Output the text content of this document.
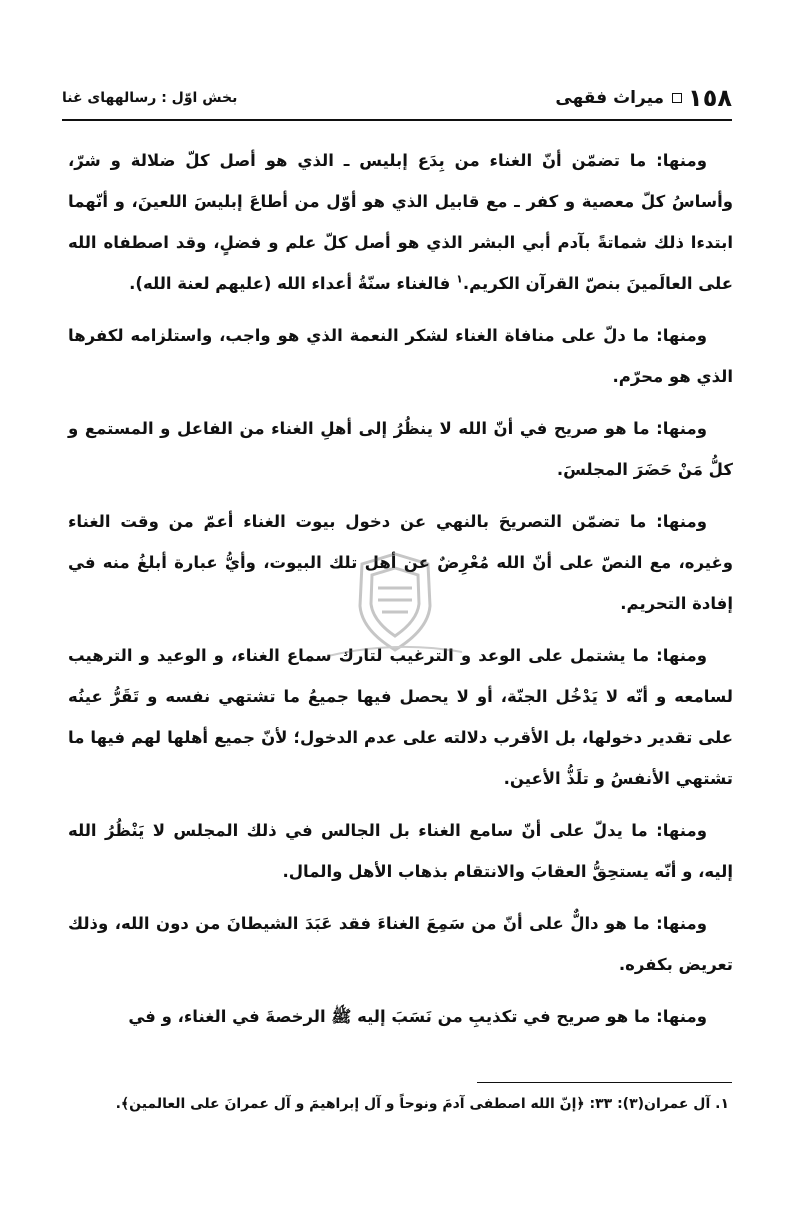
١٥٨
ميراث فقهى
بخش اوّل : رسالههاى غنا

ومنها: ما تضمّن أنّ الغناء من بِدَع إبليس ـ الذي هو أصل كلّ ضلالة و شرّ، وأساسُ كلّ معصية و كفر ـ مع قابيل الذي هو أوّل من أطاعَ إبليسَ اللعينَ، و أنّهما ابتدءا ذلك شماتةً بآدم أبي البشر الذي هو أصل كلّ علم و فضلٍ، وقد اصطفاه الله على العالَمينَ بنصّ القرآن الكريم.$^١$ فالغناء سنّةُ أعداء الله (عليهم لعنة الله).

ومنها: ما دلّ على منافاة الغناء لشكر النعمة الذي هو واجب، واستلزامه لكفرها الذي هو محرّم.

ومنها: ما هو صريح في أنّ الله لا ينظُرُ إلى أهلِ الغناء من الفاعل و المستمع و كلُّ مَنْ حَضَرَ المجلسَ.

ومنها: ما تضمّن التصريحَ بالنهي عن دخول بيوت الغناء أعمّ من وقت الغناء وغيره، مع النصّ على أنّ الله مُعْرِضٌ عن أهل تلك البيوت، وأيُّ عبارة أبلغُ منه في إفادة التحريم.

ومنها: ما يشتمل على الوعد و الترغيب لتارك سماع الغناء، و الوعيد و الترهيب لسامعه و أنّه لا يَدْخُل الجنّة، أو لا يحصل فيها جميعُ ما تشتهي نفسه و تَقَرُّ عينُه على تقدير دخولها، بل الأقرب دلالته على عدم الدخول؛ لأنّ جميع أهلها لهم فيها ما تشتهي الأنفسُ و تلَذُّ الأعين.

ومنها: ما يدلّ على أنّ سامع الغناء بل الجالس في ذلك المجلس لا يَنْظُرُ الله إليه، و أنّه يستحِقُّ العقابَ والانتقام بذهاب الأهل والمال.

ومنها: ما هو دالٌّ على أنّ من سَمِعَ الغناءَ فقد عَبَدَ الشيطانَ من دون الله، وذلك تعريض بكفره.

ومنها: ما هو صريح في تكذيبِ من نَسَبَ إليه ﷺ الرخصةَ في الغناء، و في

١. آل عمران(٣): ٣٣: ﴿إنّ الله اصطفى آدمَ ونوحاً و آل إبراهيمَ و آل عمرانَ على العالمين﴾.
